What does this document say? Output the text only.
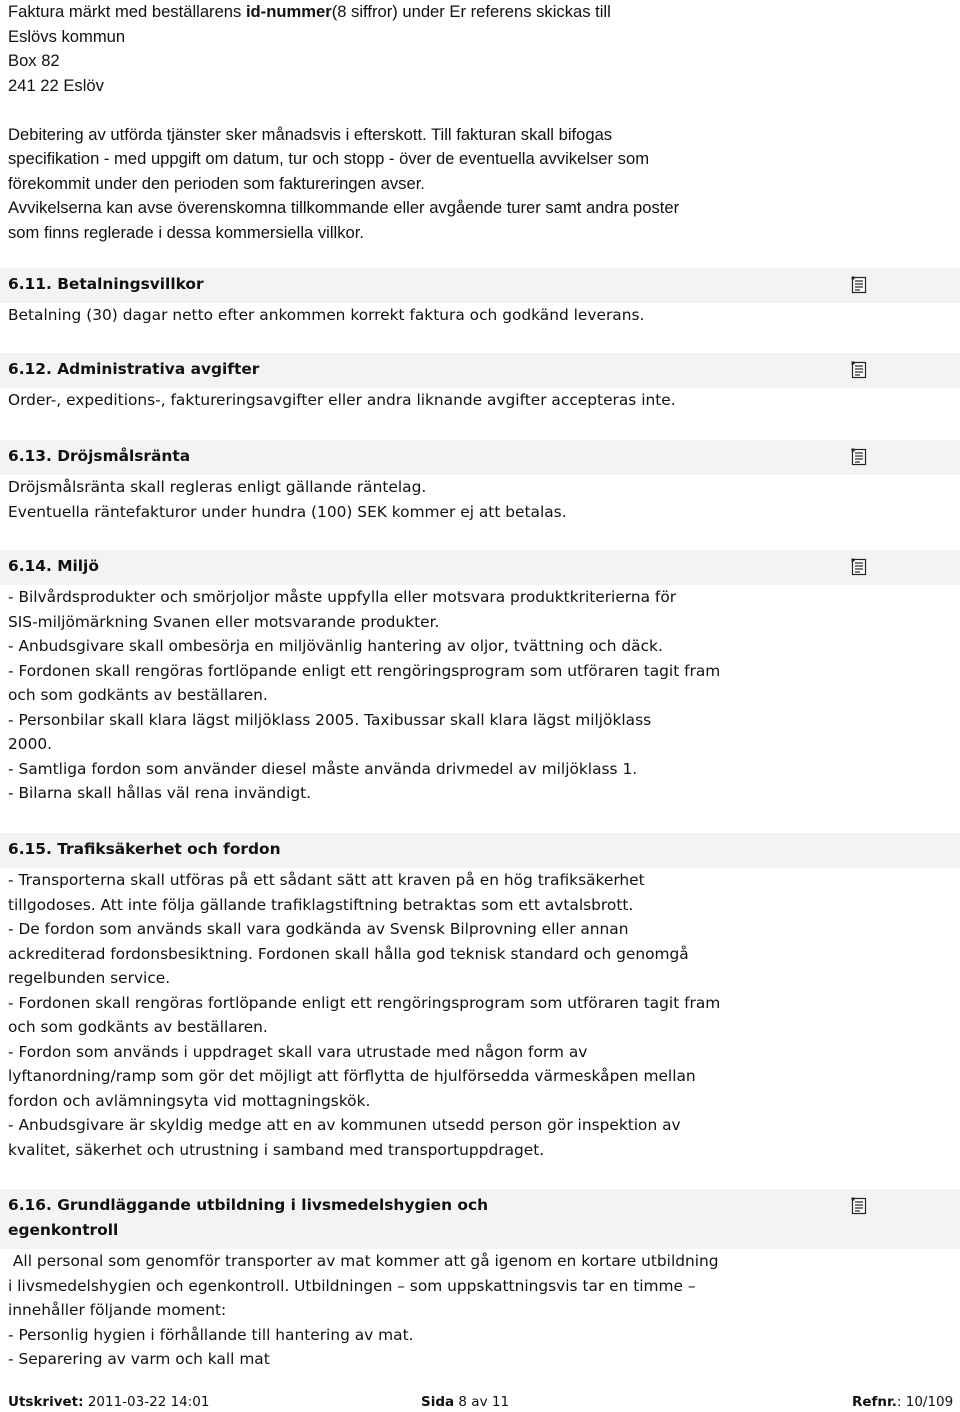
Faktura märkt med beställarens id-nummer(8 siffror) under Er referens skickas till

Eslövs kommun

Box 82

241 22 Eslöv

Debitering av utförda tjänster sker månadsvis i efterskott. Till fakturan skall bifogas

specifikation - med uppgift om datum, tur och stopp - över de eventuella avvikelser som

förekommit under den perioden som faktureringen avser.

Avvikelserna kan avse överenskomna tillkommande eller avgående turer samt andra poster

som finns reglerade i dessa kommersiella villkor.

6.11. Betalningsvillkor

Betalning (30) dagar netto efter ankommen korrekt faktura och godkänd leverans.

6.12. Administrativa avgifter

Order-, expeditions-, faktureringsavgifter eller andra liknande avgifter accepteras inte.

6.13. Dröjsmålsränta

Dröjsmålsränta skall regleras enligt gällande räntelag.

Eventuella räntefakturor under hundra (100) SEK kommer ej att betalas.

6.14. Miljö

- Bilvårdsprodukter och smörjoljor måste uppfylla eller motsvara produktkriterierna för

SIS-miljömärkning Svanen eller motsvarande produkter.

- Anbudsgivare skall ombesörja en miljövänlig hantering av oljor, tvättning och däck.

- Fordonen skall rengöras fortlöpande enligt ett rengöringsprogram som utföraren tagit fram

och som godkänts av beställaren.

- Personbilar skall klara lägst miljöklass 2005. Taxibussar skall klara lägst miljöklass

2000.

- Samtliga fordon som använder diesel måste använda drivmedel av miljöklass 1.

- Bilarna skall hållas väl rena invändigt.

6.15. Trafiksäkerhet och fordon

- Transporterna skall utföras på ett sådant sätt att kraven på en hög trafiksäkerhet

tillgodoses. Att inte följa gällande trafiklagstiftning betraktas som ett avtalsbrott.

- De fordon som används skall vara godkända av Svensk Bilprovning eller annan

ackrediterad fordonsbesiktning. Fordonen skall hålla god teknisk standard och genomgå

regelbunden service.

- Fordonen skall rengöras fortlöpande enligt ett rengöringsprogram som utföraren tagit fram

och som godkänts av beställaren.

- Fordon som används i uppdraget skall vara utrustade med någon form av

lyftanordning/ramp som gör det möjligt att förflytta de hjulförsedda värmeskåpen mellan

fordon och avlämningsyta vid mottagningskök.

- Anbudsgivare är skyldig medge att en av kommunen utsedd person gör inspektion av

kvalitet, säkerhet och utrustning i samband med transportuppdraget.

6.16. Grundläggande utbildning i livsmedelshygien och
egenkontroll

All personal som genomför transporter av mat kommer att gå igenom en kortare utbildning

i livsmedelshygien och egenkontroll. Utbildningen – som uppskattningsvis tar en timme –

innehåller följande moment:

- Personlig hygien i förhållande till hantering av mat.

- Separering av varm och kall mat

Utskrivet: 2011-03-22 14:01	Sida 8 av 11	Refnr.: 10/109
